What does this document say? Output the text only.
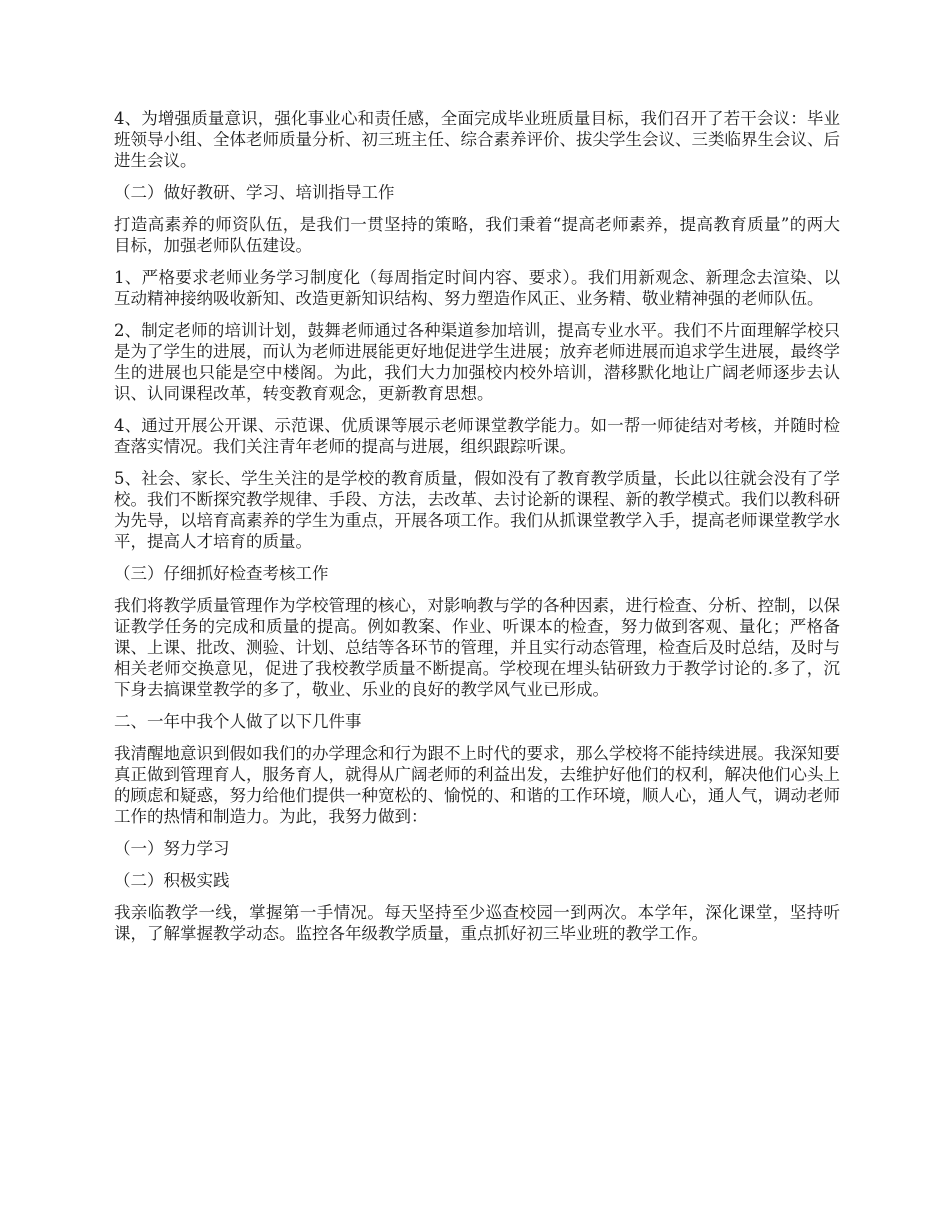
4、为增强质量意识，强化事业心和责任感，全面完成毕业班质量目标，我们召开了若干会议：毕业班领导小组、全体老师质量分析、初三班主任、综合素养评价、拔尖学生会议、三类临界生会议、后进生会议。

（二）做好教研、学习、培训指导工作

打造高素养的师资队伍，是我们一贯坚持的策略，我们秉着“提高老师素养，提高教育质量”的两大目标，加强老师队伍建设。

1、严格要求老师业务学习制度化（每周指定时间内容、要求）。我们用新观念、新理念去渲染、以互动精神接纳吸收新知、改造更新知识结构、努力塑造作风正、业务精、敬业精神强的老师队伍。

2、制定老师的培训计划，鼓舞老师通过各种渠道参加培训，提高专业水平。我们不片面理解学校只是为了学生的进展，而认为老师进展能更好地促进学生进展；放弃老师进展而追求学生进展，最终学生的进展也只能是空中楼阁。为此，我们大力加强校内校外培训，潜移默化地让广阔老师逐步去认识、认同课程改革，转变教育观念，更新教育思想。

4、通过开展公开课、示范课、优质课等展示老师课堂教学能力。如一帮一师徒结对考核，并随时检查落实情况。我们关注青年老师的提高与进展，组织跟踪听课。

5、社会、家长、学生关注的是学校的教育质量，假如没有了教育教学质量，长此以往就会没有了学校。我们不断探究教学规律、手段、方法，去改革、去讨论新的课程、新的教学模式。我们以教科研为先导，以培育高素养的学生为重点，开展各项工作。我们从抓课堂教学入手，提高老师课堂教学水平，提高人才培育的质量。

（三）仔细抓好检查考核工作

我们将教学质量管理作为学校管理的核心，对影响教与学的各种因素，进行检查、分析、控制，以保证教学任务的完成和质量的提高。例如教案、作业、听课本的检查，努力做到客观、量化；严格备课、上课、批改、测验、计划、总结等各环节的管理，并且实行动态管理，检查后及时总结，及时与相关老师交换意见，促进了我校教学质量不断提高。学校现在埋头钻研致力于教学讨论的.多了，沉下身去搞课堂教学的多了，敬业、乐业的良好的教学风气业已形成。

二、一年中我个人做了以下几件事

我清醒地意识到假如我们的办学理念和行为跟不上时代的要求，那么学校将不能持续进展。我深知要真正做到管理育人，服务育人，就得从广阔老师的利益出发，去维护好他们的权利，解决他们心头上的顾虑和疑惑，努力给他们提供一种宽松的、愉悦的、和谐的工作环境，顺人心，通人气，调动老师工作的热情和制造力。为此，我努力做到：

（一）努力学习

（二）积极实践

我亲临教学一线，掌握第一手情况。每天坚持至少巡查校园一到两次。本学年，深化课堂，坚持听课，了解掌握教学动态。监控各年级教学质量，重点抓好初三毕业班的教学工作。
